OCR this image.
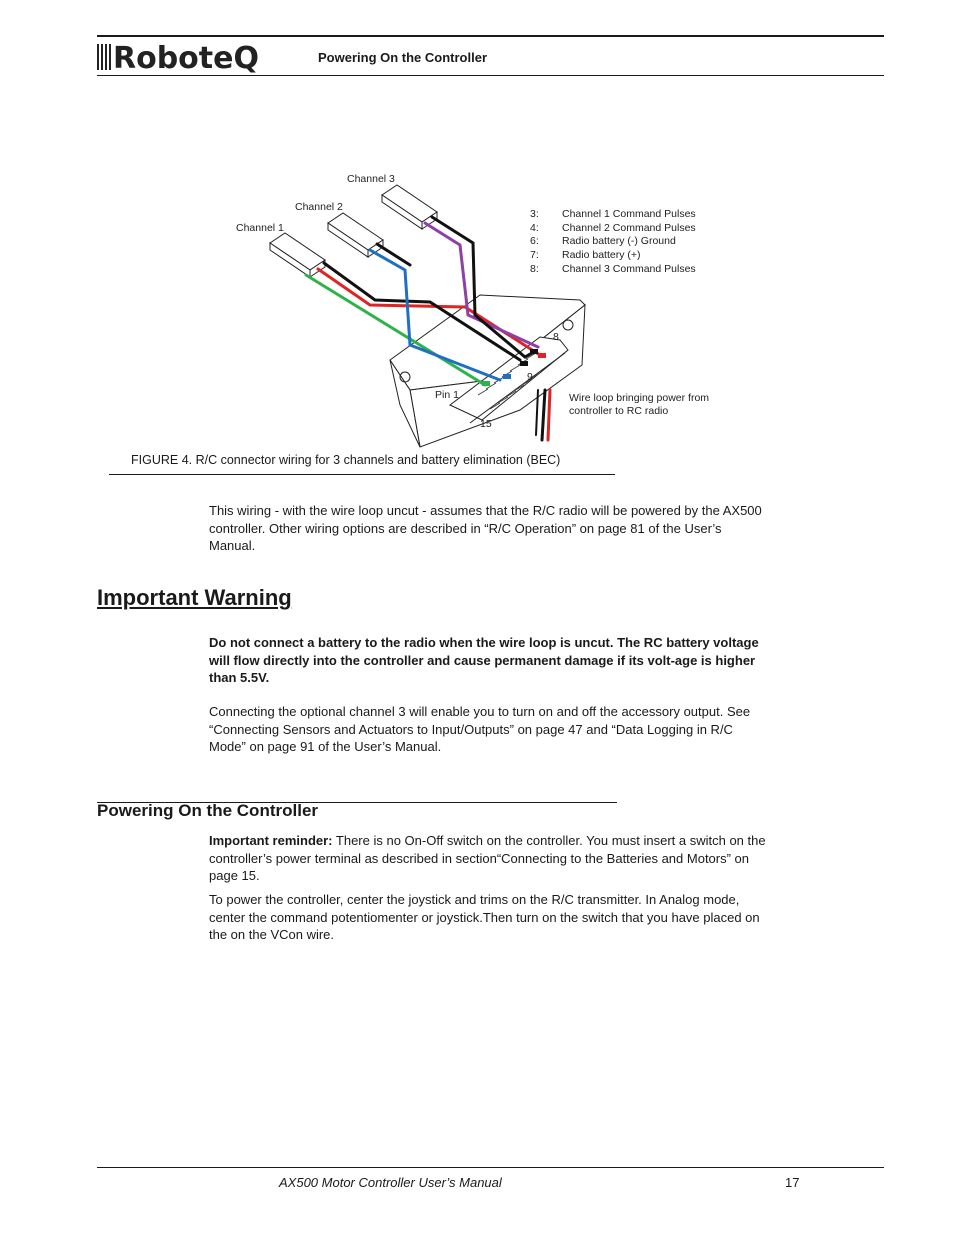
RoboteQ	Powering On the Controller
Channel 1
Channel 2
Channel 3
3: Channel 1 Command Pulses
4: Channel 2 Command Pulses
6: Radio battery (-) Ground
7: Radio battery (+)
8: Channel 3 Command Pulses
8
9
Pin 1
15
Wire loop bringing power from
controller to RC radio
FIGURE 4. R/C connector wiring for 3 channels and battery elimination (BEC)
This wiring - with the wire loop uncut - assumes that the R/C radio will be powered by the AX500 controller. Other wiring options are described in “R/C Operation” on page 81 of the User’s Manual.
Important Warning
Do not connect a battery to the radio when the wire loop is uncut. The RC battery voltage will flow directly into the controller and cause permanent damage if its volt-age is higher than 5.5V.
Connecting the optional channel 3 will enable you to turn on and off the accessory output. See “Connecting Sensors and Actuators to Input/Outputs” on page 47 and “Data Logging in R/C Mode” on page 91 of the User’s Manual.
Powering On the Controller
Important reminder: There is no On-Off switch on the controller. You must insert a switch on the controller’s power terminal as described in section“Connecting to the Batteries and Motors” on page 15.
To power the controller, center the joystick and trims on the R/C transmitter. In Analog mode, center the command potentiomenter or joystick.Then turn on the switch that you have placed on the on the VCon wire.
AX500 Motor Controller User’s Manual	17
